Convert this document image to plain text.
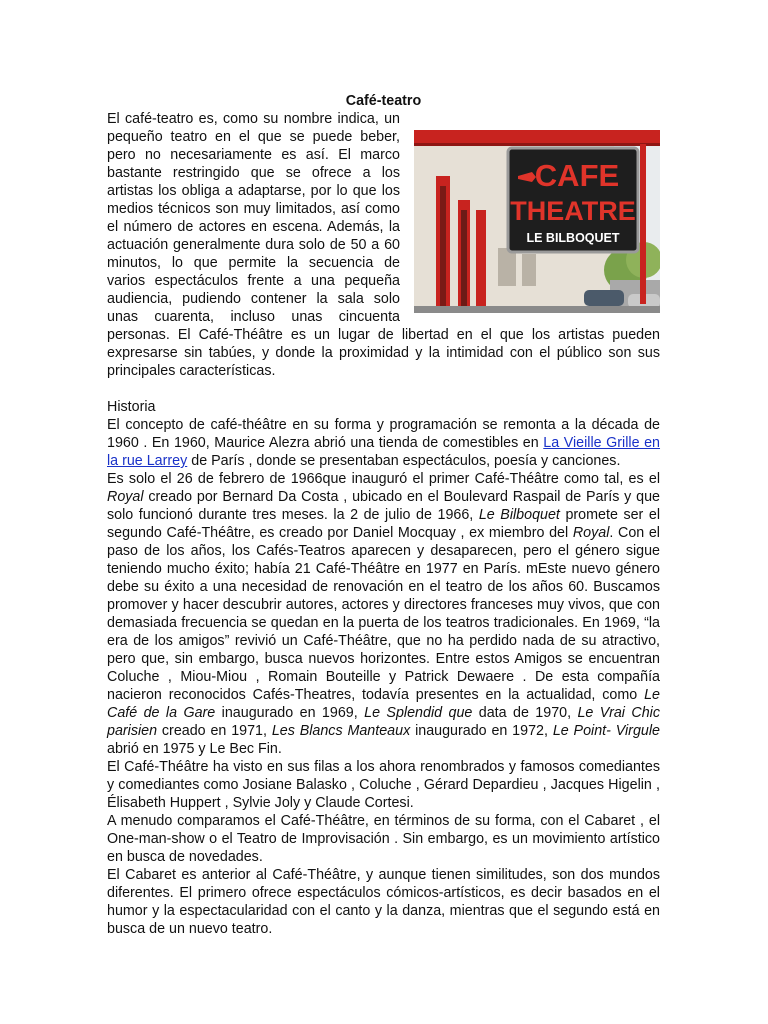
Café-teatro
CAFE
THEATRE
LE BILBOQUET

El café-teatro es, como su nombre indica, un pequeño teatro en el que se puede beber, pero no necesariamente es así. El marco bastante restringido que se ofrece a los artistas los obliga a adaptarse, por lo que los medios técnicos son muy limitados, así como el número de actores en escena. Además, la actuación generalmente dura solo de 50 a 60 minutos, lo que permite la secuencia de varios espectáculos frente a una pequeña audiencia, pudiendo contener la sala solo unas cuarenta, incluso unas cincuenta personas. El Café-Théâtre es un lugar de libertad en el que los artistas pueden expresarse sin tabúes, y donde la proximidad y la intimidad con el público son sus principales características.

Historia

El concepto de café-théâtre en su forma y programación se remonta a la década de 1960 . En 1960, Maurice Alezra abrió una tienda de comestibles en La Vieille Grille en la rue Larrey de París , donde se presentaban espectáculos, poesía y canciones.

Es solo el 26 de febrero de 1966que inauguró el primer Café-Théâtre como tal, es el Royal creado por Bernard Da Costa , ubicado en el Boulevard Raspail de París y que solo funcionó durante tres meses. la 2 de julio de 1966, Le Bilboquet promete ser el segundo Café-Théâtre, es creado por Daniel Mocquay , ex miembro del Royal. Con el paso de los años, los Cafés-Teatros aparecen y desaparecen, pero el género sigue teniendo mucho éxito; había 21 Café-Théâtre en 1977 en París. mEste nuevo género debe su éxito a una necesidad de renovación en el teatro de los años 60. Buscamos promover y hacer descubrir autores, actores y directores franceses muy vivos, que con demasiada frecuencia se quedan en la puerta de los teatros tradicionales. En 1969, “la era de los amigos” revivió un Café-Théâtre, que no ha perdido nada de su atractivo, pero que, sin embargo, busca nuevos horizontes. Entre estos Amigos se encuentran Coluche , Miou-Miou , Romain Bouteille y Patrick Dewaere . De esta compañía nacieron reconocidos Cafés-Theatres, todavía presentes en la actualidad, como Le Café de la Gare inaugurado en 1969, Le Splendid que data de 1970, Le Vrai Chic parisien creado en 1971, Les Blancs Manteaux inaugurado en 1972, Le Point- Virgule abrió en 1975 y Le Bec Fin.

El Café-Théâtre ha visto en sus filas a los ahora renombrados y famosos comediantes y comediantes como Josiane Balasko , Coluche , Gérard Depardieu , Jacques Higelin , Élisabeth Huppert , Sylvie Joly y Claude Cortesi.

A menudo comparamos el Café-Théâtre, en términos de su forma, con el Cabaret , el One-man-show o el Teatro de Improvisación . Sin embargo, es un movimiento artístico en busca de novedades.

El Cabaret es anterior al Café-Théâtre, y aunque tienen similitudes, son dos mundos diferentes. El primero ofrece espectáculos cómicos-artísticos, es decir basados en el humor y la espectacularidad con el canto y la danza, mientras que el segundo está en busca de un nuevo teatro.
